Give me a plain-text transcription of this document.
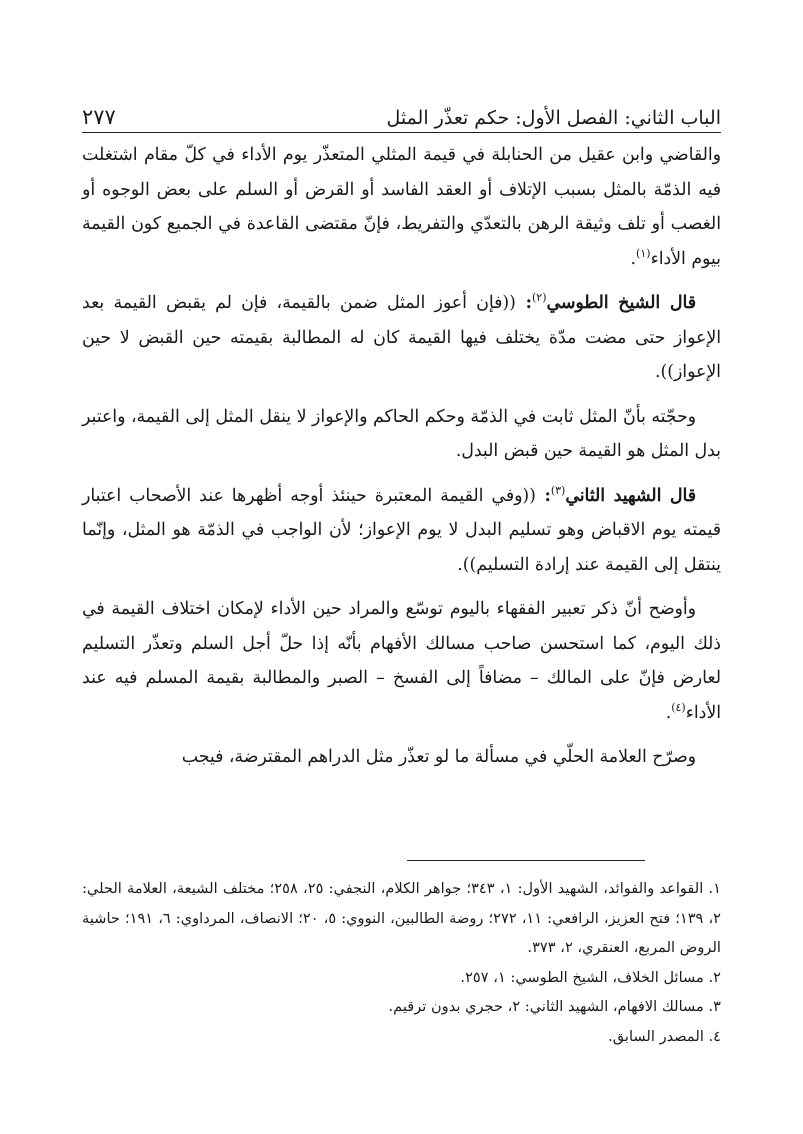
الباب الثاني: الفصل الأول: حكم تعذّر المثل
٢٧٧

والقاضي وابن عقيل من الحنابلة في قيمة المثلي المتعذّر يوم الأداء في كلّ مقام اشتغلت فيه الذمّة بالمثل بسبب الإتلاف أو العقد الفاسد أو القرض أو السلم على بعض الوجوه أو الغصب أو تلف وثيقة الرهن بالتعدّي والتفريط، فإنّ مقتضى القاعدة في الجميع كون القيمة بيوم الأداء$^{(١)}$.

قال الشيخ الطوسي$^{(٢)}$: ((فإن أعوز المثل ضمن بالقيمة، فإن لم يقبض القيمة بعد الإعواز حتى مضت مدّة يختلف فيها القيمة كان له المطالبة بقيمته حين القبض لا حين الإعواز)).

وحجّته بأنّ المثل ثابت في الذمّة وحكم الحاكم والإعواز لا ينقل المثل إلى القيمة، واعتبر بدل المثل هو القيمة حين قبض البدل.

قال الشهيد الثاني$^{(٣)}$: ((وفي القيمة المعتبرة حينئذ أوجه أظهرها عند الأصحاب اعتبار قيمته يوم الاقباض وهو تسليم البدل لا يوم الإعواز؛ لأن الواجب في الذمّة هو المثل، وإنّما ينتقل إلى القيمة عند إرادة التسليم)).

وأوضح أنّ ذكر تعبير الفقهاء باليوم توسّع والمراد حين الأداء لإمكان اختلاف القيمة في ذلك اليوم، كما استحسن صاحب مسالك الأفهام بأنّه إذا حلّ أجل السلم وتعذّر التسليم لعارض فإنّ على المالك – مضافاً إلى الفسخ – الصبر والمطالبة بقيمة المسلم فيه عند الأداء$^{(٤)}$.

وصرّح العلامة الحلّي في مسألة ما لو تعذّر مثل الدراهم المقترضة، فيجب

١. القواعد والفوائد، الشهيد الأول: ١، ٣٤٣؛ جواهر الكلام، النجفي: ٢٥، ٢٥٨؛ مختلف الشيعة، العلامة الحلي: ٢، ١٣٩؛ فتح العزيز، الرافعي: ١١، ٢٧٢؛ روضة الطالبين، النووي: ٥، ٢٠؛ الانصاف، المرداوي: ٦، ١٩١؛ حاشية الروض المربع، العنقري، ٢، ٣٧٣.

٢. مسائل الخلاف، الشيخ الطوسي: ١، ٢٥٧.

٣. مسالك الافهام، الشهيد الثاني: ٢، حجري بدون ترقيم.

٤. المصدر السابق.
